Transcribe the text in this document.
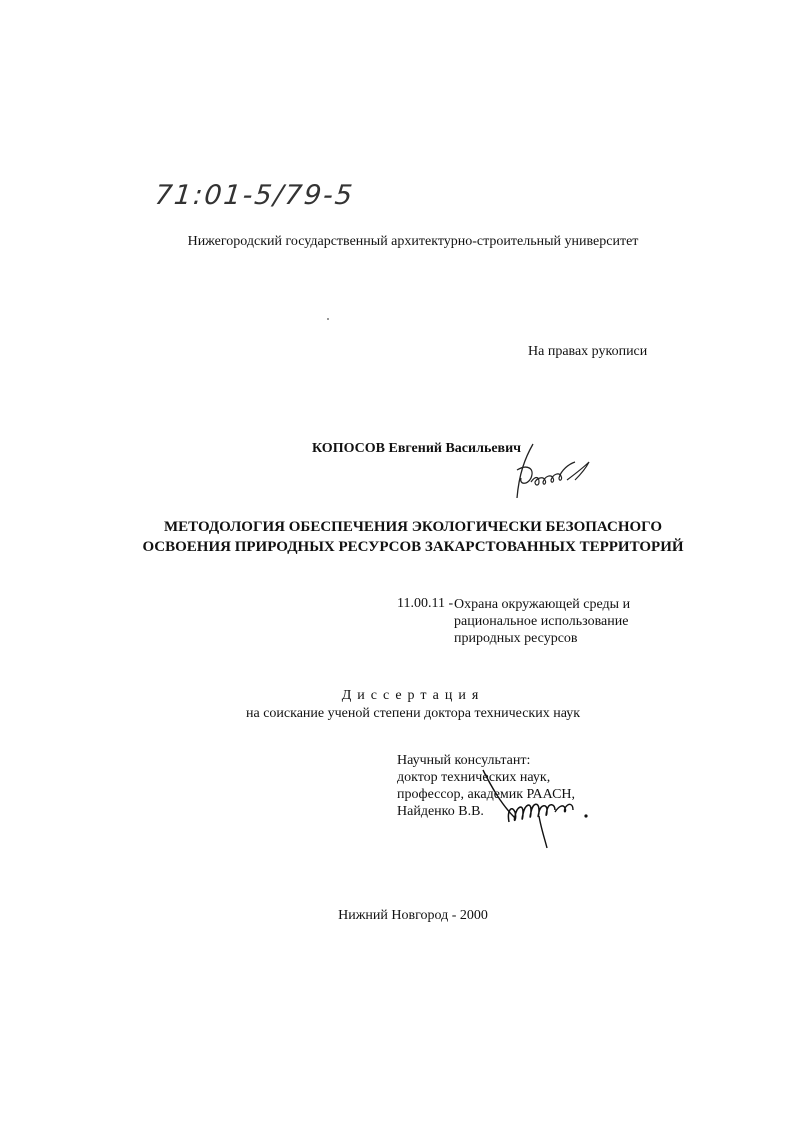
71:01-5/79-5
Нижегородский государственный архитектурно-строительный университет
На правах рукописи
КОПОСОВ Евгений Васильевич
МЕТОДОЛОГИЯ ОБЕСПЕЧЕНИЯ ЭКОЛОГИЧЕСКИ БЕЗОПАСНОГО
ОСВОЕНИЯ ПРИРОДНЫХ РЕСУРСОВ ЗАКАРСТОВАННЫХ ТЕРРИТОРИЙ
11.00.11 - Охрана окружающей среды и
рациональное использование
природных ресурсов
Диссертация
на соискание ученой степени доктора технических наук
Научный консультант:
доктор технических наук,
профессор, академик РААСН,
Найденко В.В.
Нижний Новгород - 2000
